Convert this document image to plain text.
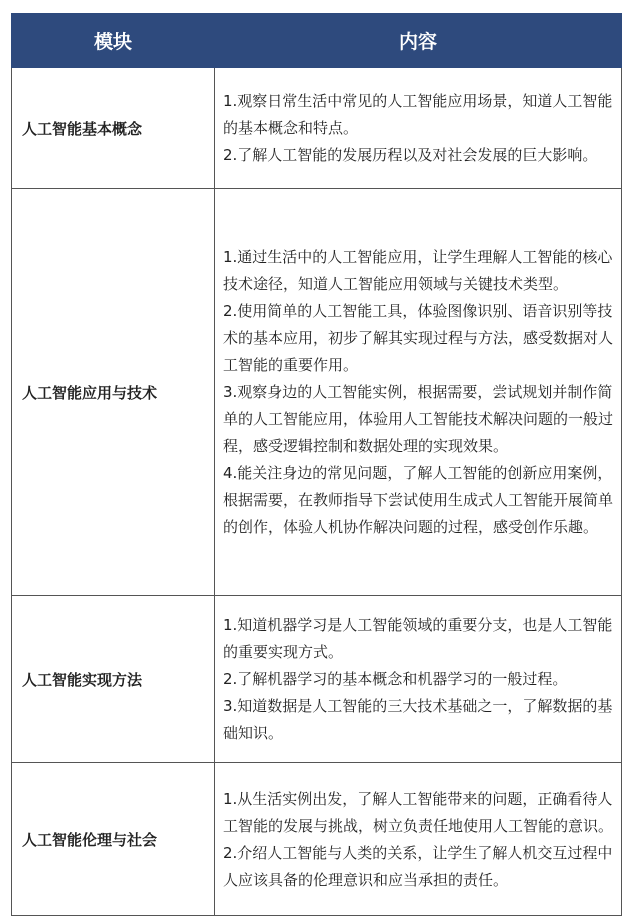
模块	内容
人工智能基本概念	1.观察日常生活中常见的人工智能应用场景，知道人工智能的基本概念和特点。

2.了解人工智能的发展历程以及对社会发展的巨大影响。

人工智能应用与技术	1.通过生活中的人工智能应用，让学生理解人工智能的核心技术途径，知道人工智能应用领域与关键技术类型。

2.使用简单的人工智能工具，体验图像识别、语音识别等技术的基本应用，初步了解其实现过程与方法，感受数据对人工智能的重要作用。

3.观察身边的人工智能实例，根据需要，尝试规划并制作简单的人工智能应用，体验用人工智能技术解决问题的一般过程，感受逻辑控制和数据处理的实现效果。

4.能关注身边的常见问题，了解人工智能的创新应用案例，根据需要，在教师指导下尝试使用生成式人工智能开展简单的创作，体验人机协作解决问题的过程，感受创作乐趣。

人工智能实现方法	1.知道机器学习是人工智能领域的重要分支，也是人工智能的重要实现方式。

2.了解机器学习的基本概念和机器学习的一般过程。

3.知道数据是人工智能的三大技术基础之一，了解数据的基础知识。

人工智能伦理与社会	1.从生活实例出发，了解人工智能带来的问题，正确看待人工智能的发展与挑战，树立负责任地使用人工智能的意识。

2.介绍人工智能与人类的关系，让学生了解人机交互过程中人应该具备的伦理意识和应当承担的责任。
